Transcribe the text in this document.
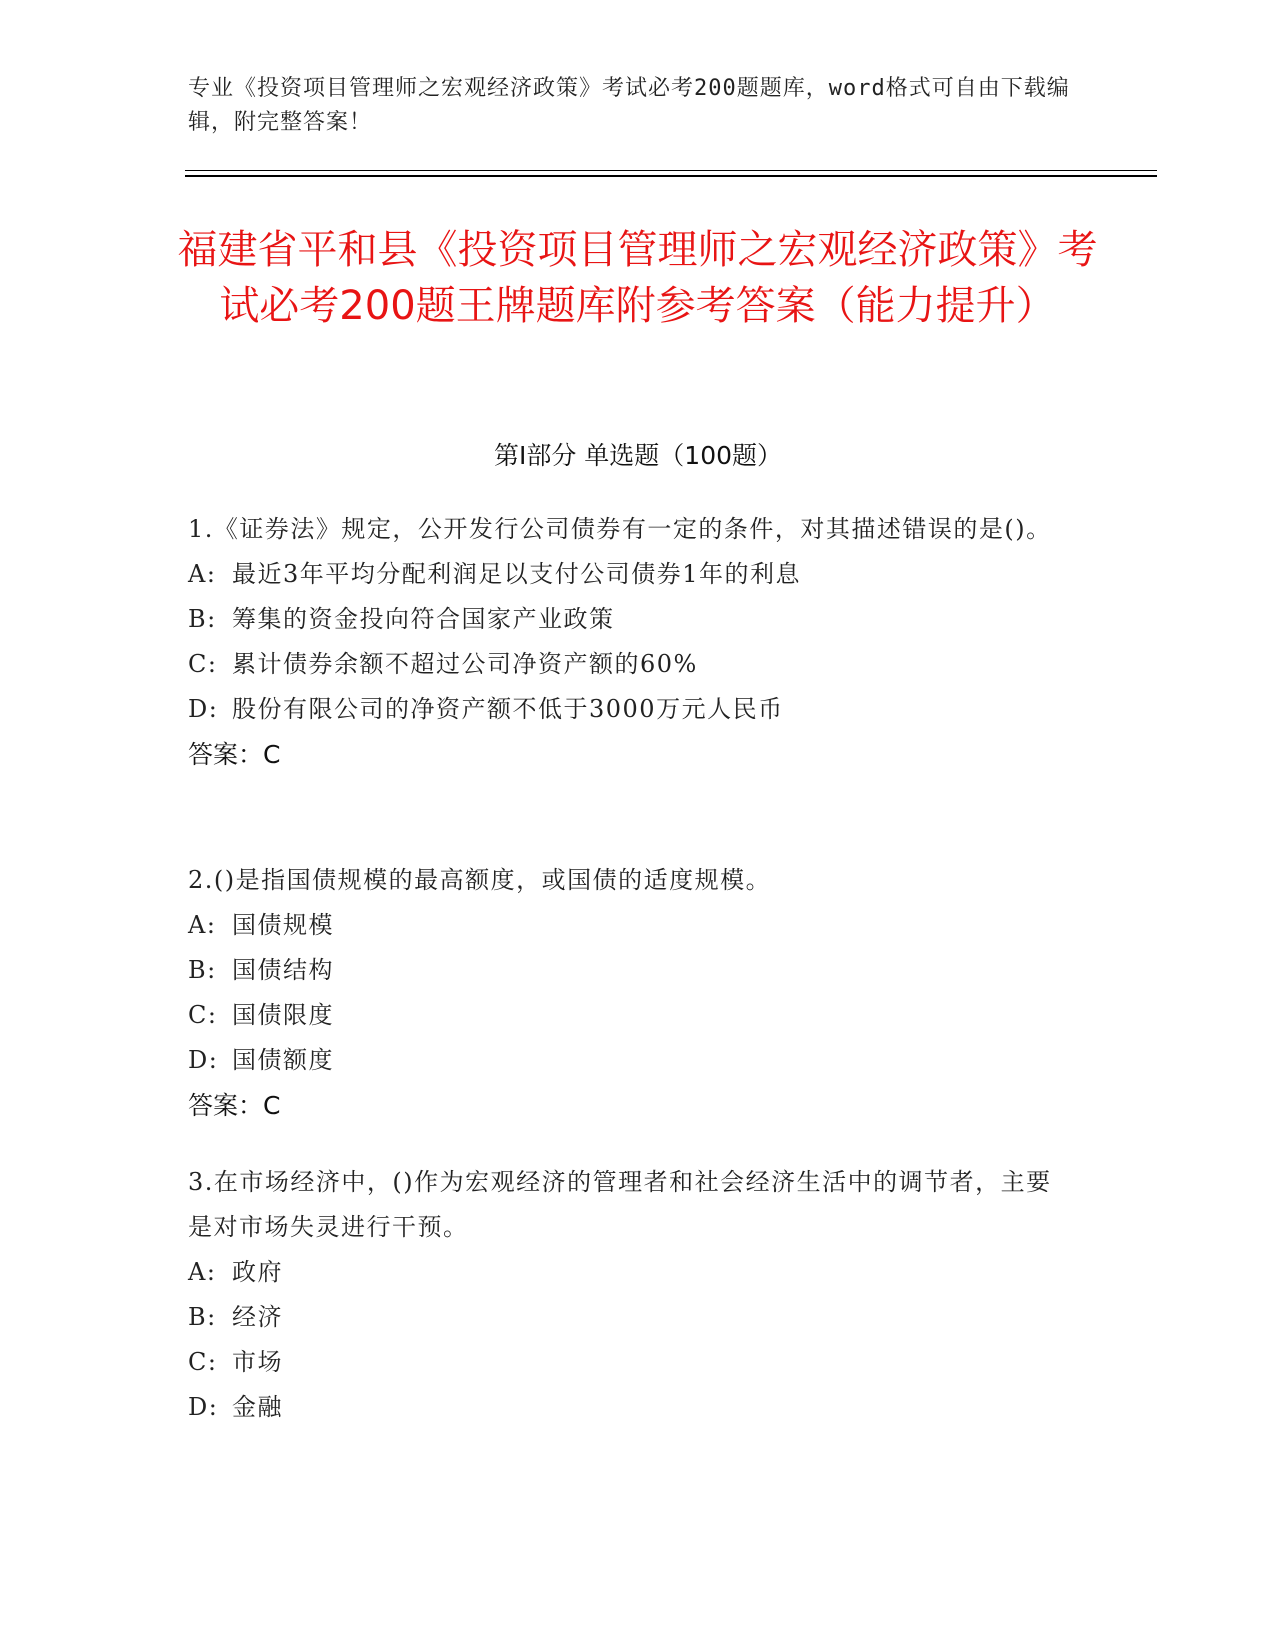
专业《投资项目管理师之宏观经济政策》考试必考200题题库，word格式可自由下载编辑，附完整答案！
福建省平和县《投资项目管理师之宏观经济政策》考试必考200题王牌题库附参考答案（能力提升）
第I部分 单选题（100题）

1.《证券法》规定，公开发行公司债券有一定的条件，对其描述错误的是()。

A: 最近3年平均分配利润足以支付公司债券1年的利息

B: 筹集的资金投向符合国家产业政策

C: 累计债券余额不超过公司净资产额的60%

D: 股份有限公司的净资产额不低于3000万元人民币

答案：C

2.()是指国债规模的最高额度，或国债的适度规模。

A: 国债规模

B: 国债结构

C: 国债限度

D: 国债额度

答案：C

3.在市场经济中，()作为宏观经济的管理者和社会经济生活中的调节者，主要是对市场失灵进行干预。

A: 政府

B: 经济

C: 市场

D: 金融
